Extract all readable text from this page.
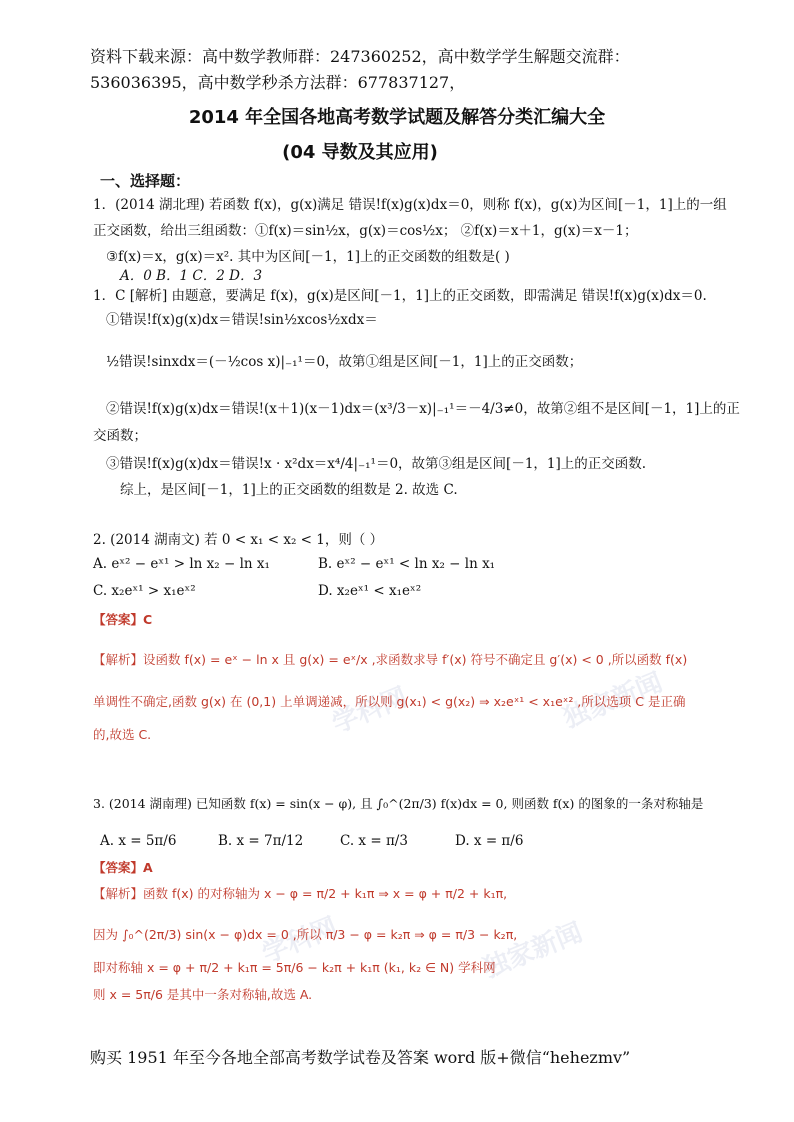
学科网	独家新闻
学科网	独家新闻
资料下载来源：高中数学教师群：247360252，高中数学学生解题交流群：
536036395，高中数学秒杀方法群：677837127，
2014 年全国各地高考数学试题及解答分类汇编大全
(04 导数及其应用)
一、选择题：
1．(2014 湖北理) 若函数 f(x)，g(x)满足 错误!f(x)g(x)dx＝0，则称 f(x)，g(x)为区间[－1，1]上的一组
正交函数，给出三组函数：①f(x)＝sin½x，g(x)＝cos½x； ②f(x)＝x＋1，g(x)＝x－1；
③f(x)＝x，g(x)＝x². 其中为区间[－1，1]上的正交函数的组数是( )
A．0 B．1 C．2 D．3
1．C [解析] 由题意，要满足 f(x)，g(x)是区间[－1，1]上的正交函数，即需满足 错误!f(x)g(x)dx＝0.
①错误!f(x)g(x)dx＝错误!sin½xcos½xdx＝
½错误!sinxdx＝(－½cos x)|₋₁¹＝0，故第①组是区间[－1，1]上的正交函数；
②错误!f(x)g(x)dx＝错误!(x＋1)(x－1)dx＝(x³/3－x)|₋₁¹＝－4/3≠0，故第②组不是区间[－1，1]上的正
交函数；
③错误!f(x)g(x)dx＝错误!x · x²dx＝x⁴/4|₋₁¹＝0，故第③组是区间[－1，1]上的正交函数.
综上，是区间[－1，1]上的正交函数的组数是 2. 故选 C.
2. (2014 湖南文) 若 0 < x₁ < x₂ < 1，则（ ）
A. eˣ² − eˣ¹ > ln x₂ − ln x₁	B. eˣ² − eˣ¹ < ln x₂ − ln x₁
C. x₂eˣ¹ > x₁eˣ²	D. x₂eˣ¹ < x₁eˣ²
【答案】C
【解析】设函数 f(x) = eˣ − ln x 且 g(x) = eˣ/x ,求函数求导 f′(x) 符号不确定且 g′(x) < 0 ,所以函数 f(x)
单调性不确定,函数 g(x) 在 (0,1) 上单调递减，所以则 g(x₁) < g(x₂) ⇒ x₂eˣ¹ < x₁eˣ² ,所以选项 C 是正确
的,故选 C.
3. (2014 湖南理) 已知函数 f(x) = sin(x − φ), 且 ∫₀^(2π/3) f(x)dx = 0, 则函数 f(x) 的图象的一条对称轴是
A. x = 5π/6	B. x = 7π/12	C. x = π/3	D. x = π/6
【答案】A
【解析】函数 f(x) 的对称轴为 x − φ = π/2 + k₁π ⇒ x = φ + π/2 + k₁π,
因为 ∫₀^(2π/3) sin(x − φ)dx = 0 ,所以 π/3 − φ = k₂π ⇒ φ = π/3 − k₂π,
即对称轴 x = φ + π/2 + k₁π = 5π/6 − k₂π + k₁π (k₁, k₂ ∈ N) 学科网
则 x = 5π/6 是其中一条对称轴,故选 A.
购买 1951 年至今各地全部高考数学试卷及答案 word 版+微信“hehezmv”
